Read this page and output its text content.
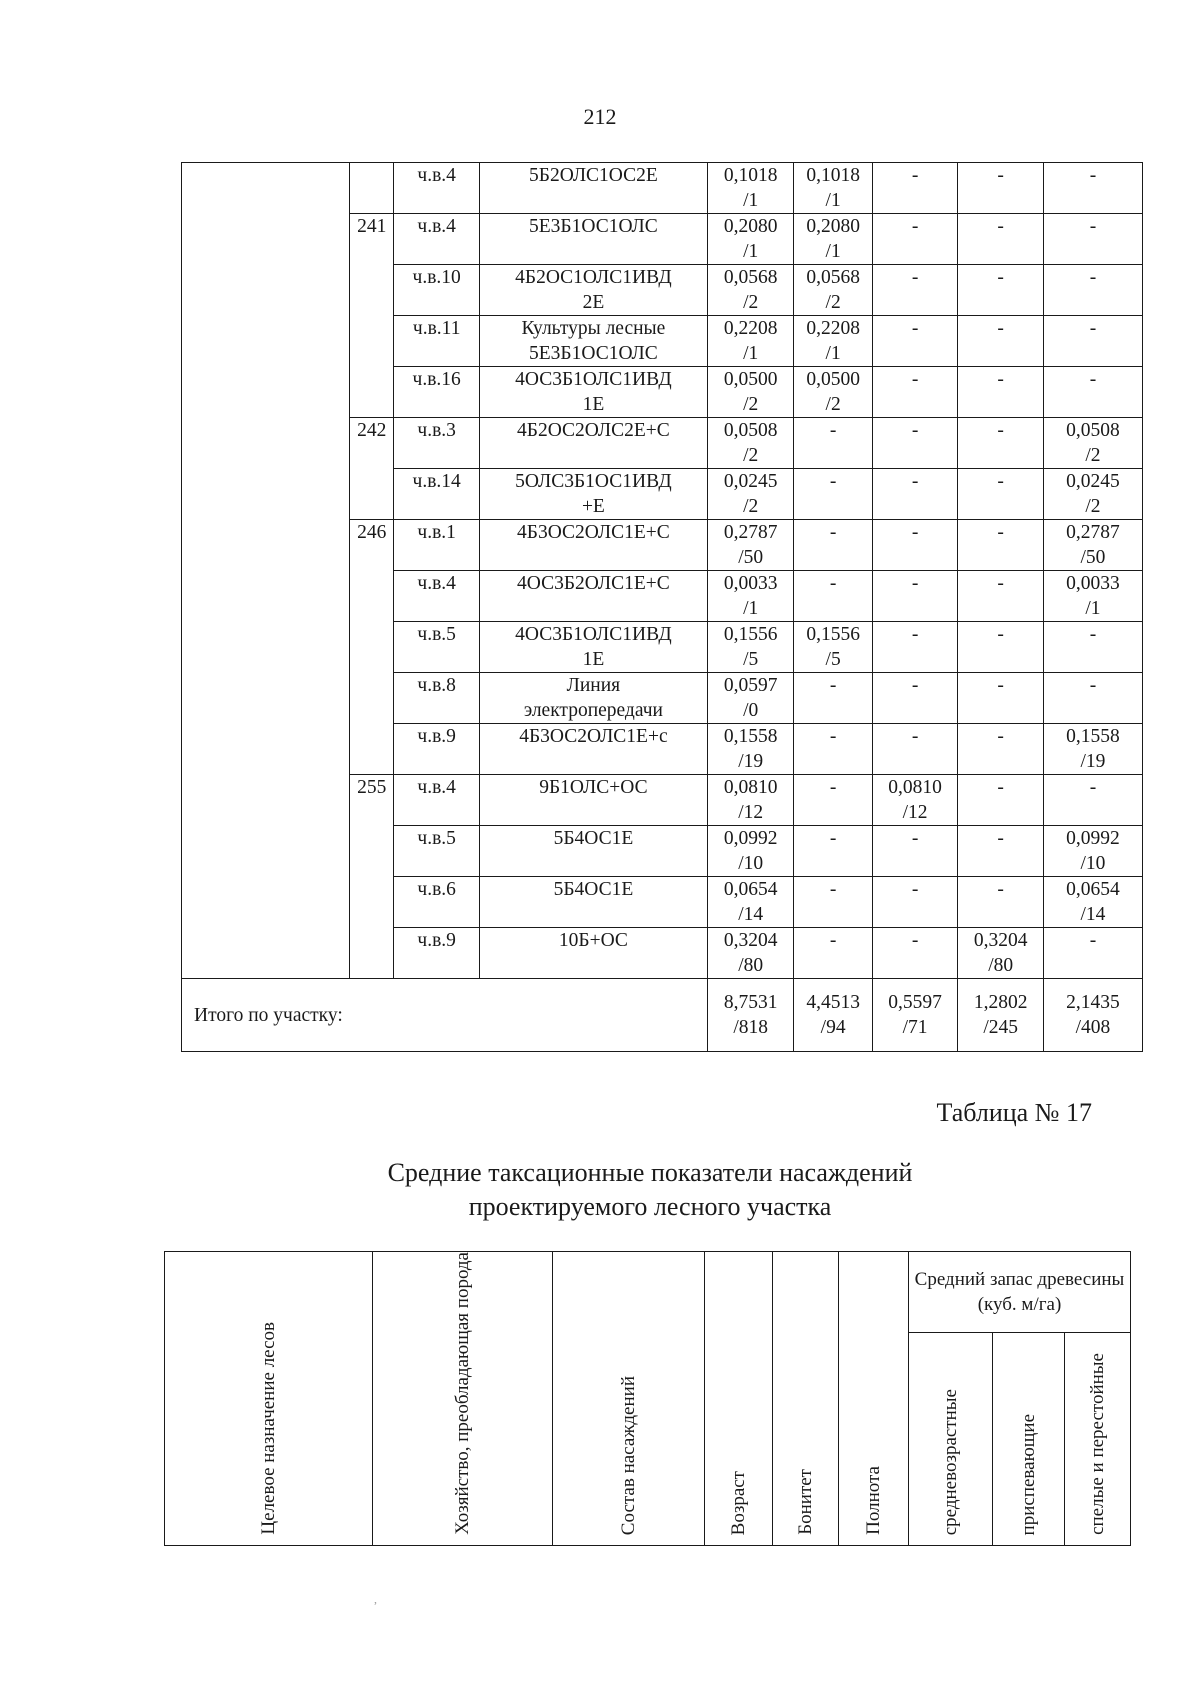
212
		ч.в.4	5Б2ОЛС1ОС2Е	0,1018
/1	0,1018
/1	-	-	-

	241	ч.в.4	5Е3Б1ОС1ОЛС	0,2080
/1	0,2080
/1	-	-	-

		ч.в.10	4Б2ОС1ОЛС1ИВД
2Е	0,0568
/2	0,0568
/2	-	-	-

		ч.в.11	Культуры лесные
5Е3Б1ОС1ОЛС	0,2208
/1	0,2208
/1	-	-	-

		ч.в.16	4ОС3Б1ОЛС1ИВД
1Е	0,0500
/2	0,0500
/2	-	-	-

	242	ч.в.3	4Б2ОС2ОЛС2Е+С	0,0508
/2	-	-	-	0,0508
/2

		ч.в.14	5ОЛС3Б1ОС1ИВД
+Е	0,0245
/2	-	-	-	0,0245
/2

	246	ч.в.1	4Б3ОС2ОЛС1Е+С	0,2787
/50	-	-	-	0,2787
/50

		ч.в.4	4ОС3Б2ОЛС1Е+С	0,0033
/1	-	-	-	0,0033
/1

		ч.в.5	4ОС3Б1ОЛС1ИВД
1Е	0,1556
/5	0,1556
/5	-	-	-

		ч.в.8	Линия
электропередачи	0,0597
/0	-	-	-	-

		ч.в.9	4Б3ОС2ОЛС1Е+с	0,1558
/19	-	-	-	0,1558
/19

	255	ч.в.4	9Б1ОЛС+ОС	0,0810
/12	-	0,0810
/12	-	-

		ч.в.5	5Б4ОС1Е	0,0992
/10	-	-	-	0,0992
/10

		ч.в.6	5Б4ОС1Е	0,0654
/14	-	-	-	0,0654
/14

		ч.в.9	10Б+ОС	0,3204
/80	-	-	0,3204
/80	-

Итого по участку:				8,7531
/818	4,4513
/94	0,5597
/71	1,2802
/245	2,1435
/408
Таблица № 17
Средние таксационные показатели насаждений
проектируемого лесного участка
Целевое назначение лесов	Хозяйство, преобладающая порода	Состав насаждений	Возраст	Бонитет	Полнота	Средний запас древесины (куб. м/га)		

						средневозрастные	приспевающие	спелые и перестойные
,
